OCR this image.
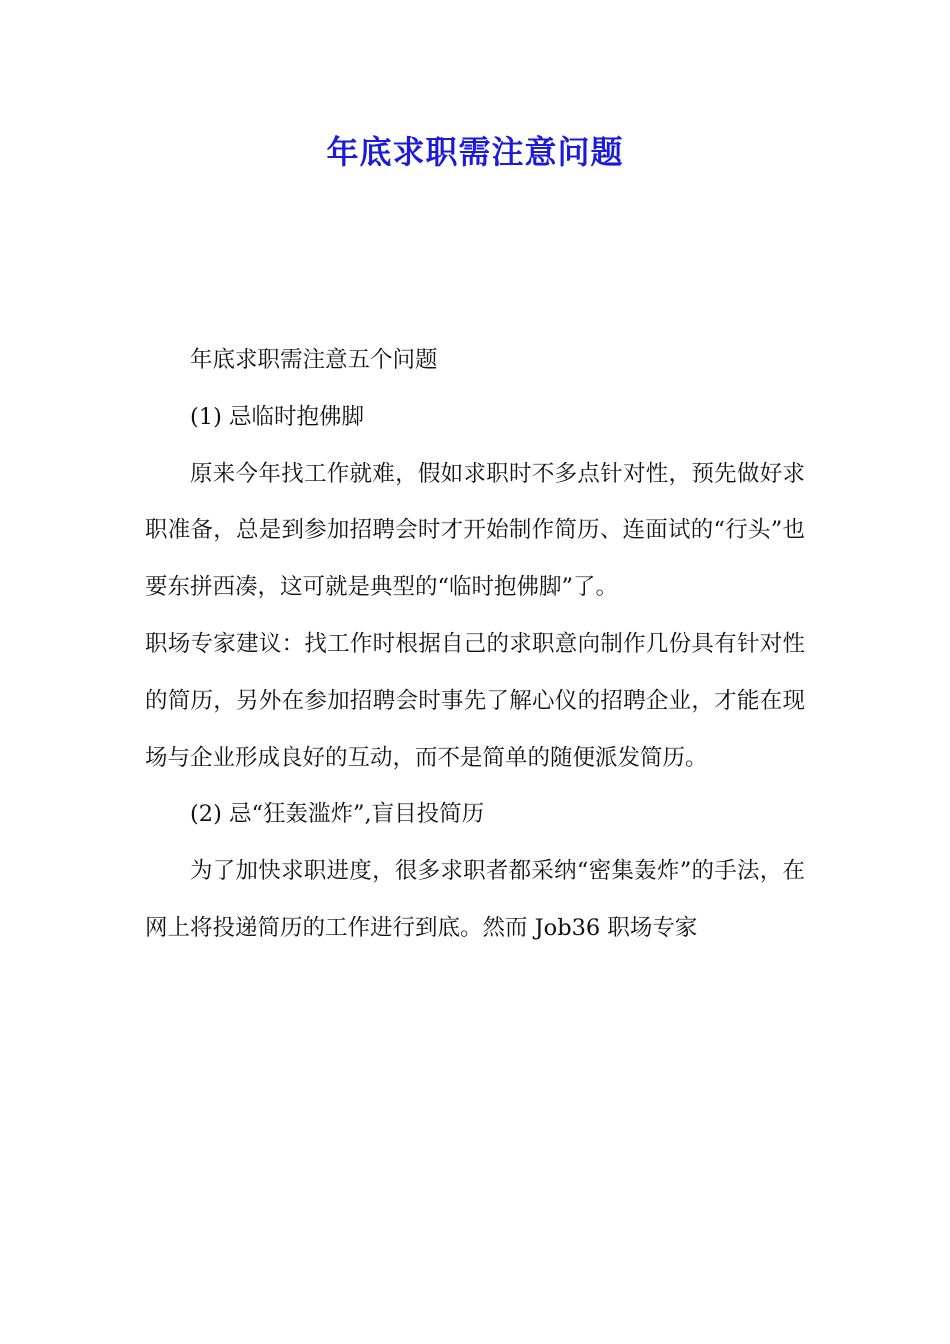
年底求职需注意问题

年底求职需注意五个问题

(1) 忌临时抱佛脚

原来今年找工作就难，假如求职时不多点针对性，预先做好求职准备，总是到参加招聘会时才开始制作简历、连面试的“行头”也要东拼西凑，这可就是典型的“临时抱佛脚”了。

职场专家建议：找工作时根据自己的求职意向制作几份具有针对性的简历，另外在参加招聘会时事先了解心仪的招聘企业，才能在现场与企业形成良好的互动，而不是简单的随便派发简历。

(2) 忌“狂轰滥炸”,盲目投简历

为了加快求职进度，很多求职者都采纳“密集轰炸”的手法，在网上将投递简历的工作进行到底。然而 Job36 职场专家
